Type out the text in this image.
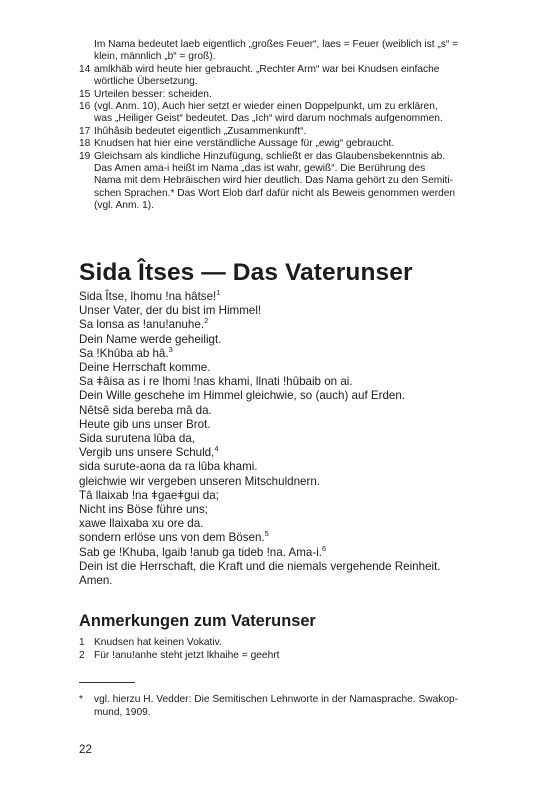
Im Nama bedeutet laeb eigentlich „großes Feuer“, laes = Feuer (weiblich ist „s“ =
klein, männlich „b“ = groß).
14 amlkhäb wird heute hier gebraucht. „Rechter Arm“ war bei Knudsen einfache
wörtliche Übersetzung.
15 Urteilen besser: scheiden.
16 (vgl. Anm. 10), Auch hier setzt er wieder einen Doppelpunkt, um zu erklären,
was „Heiliger Geist“ bedeutet. Das „Ich“ wird darum nochmals aufgenommen.
17 Ihûhâsib bedeutet eigentlich „Zusammenkunft“.
18 Knudsen hat hier eine verständliche Aussage für „ewig“ gebraucht.
19 Gleichsam als kindliche Hinzufügung, schließt er das Glaubensbekenntnis ab.
Das Amen ama-i heißt im Nama „das ist wahr, gewiß“. Die Berührung des
Nama mit dem Hebräischen wird hier deutlich. Das Nama gehört zu den Semiti-
schen Sprachen.* Das Wort Elob darf dafür nicht als Beweis genommen werden
(vgl. Anm. 1).
Sida Îtses — Das Vaterunser
Sida Îtse, lhomu !na hâtse!$^1$
Unser Vater, der du bist im Himmel!
Sa lonsa as !anu!anuhe.$^2$
Dein Name werde geheiligt.
Sa !Khûba ab hâ.$^3$
Deine Herrschaft komme.
Sa ǂâisa as i re lhomi !nas khami, llnati !hûbaib on ai.
Dein Wille geschehe im Himmel gleichwie, so (auch) auf Erden.
Nêtsê sida bereba mâ da.
Heute gib uns unser Brot.
Sida surutena lûba da,
Vergib uns unsere Schuld,$^4$
sida surute-aona da ra lûba khami.
gleichwie wir vergeben unseren Mitschuldnern.
Tâ llaixab !na ǂgaeǂgui da;
Nicht ins Böse führe uns;
xawe llaixaba xu ore da.
sondern erlöse uns von dem Bösen.$^5$
Sab ge !Khuba, lgaib !anub ga tideb !na. Ama-i.$^6$
Dein ist die Herrschaft, die Kraft und die niemals vergehende Reinheit.
Amen.
Anmerkungen zum Vaterunser
1 Knudsen hat keinen Vokativ.
2 Für !anu!anhe steht jetzt lkhaihe = geehrt
*	vgl. hierzu H. Vedder: Die Semitischen Lehnworte in der Namasprache. Swakop-
mund, 1909.
22
